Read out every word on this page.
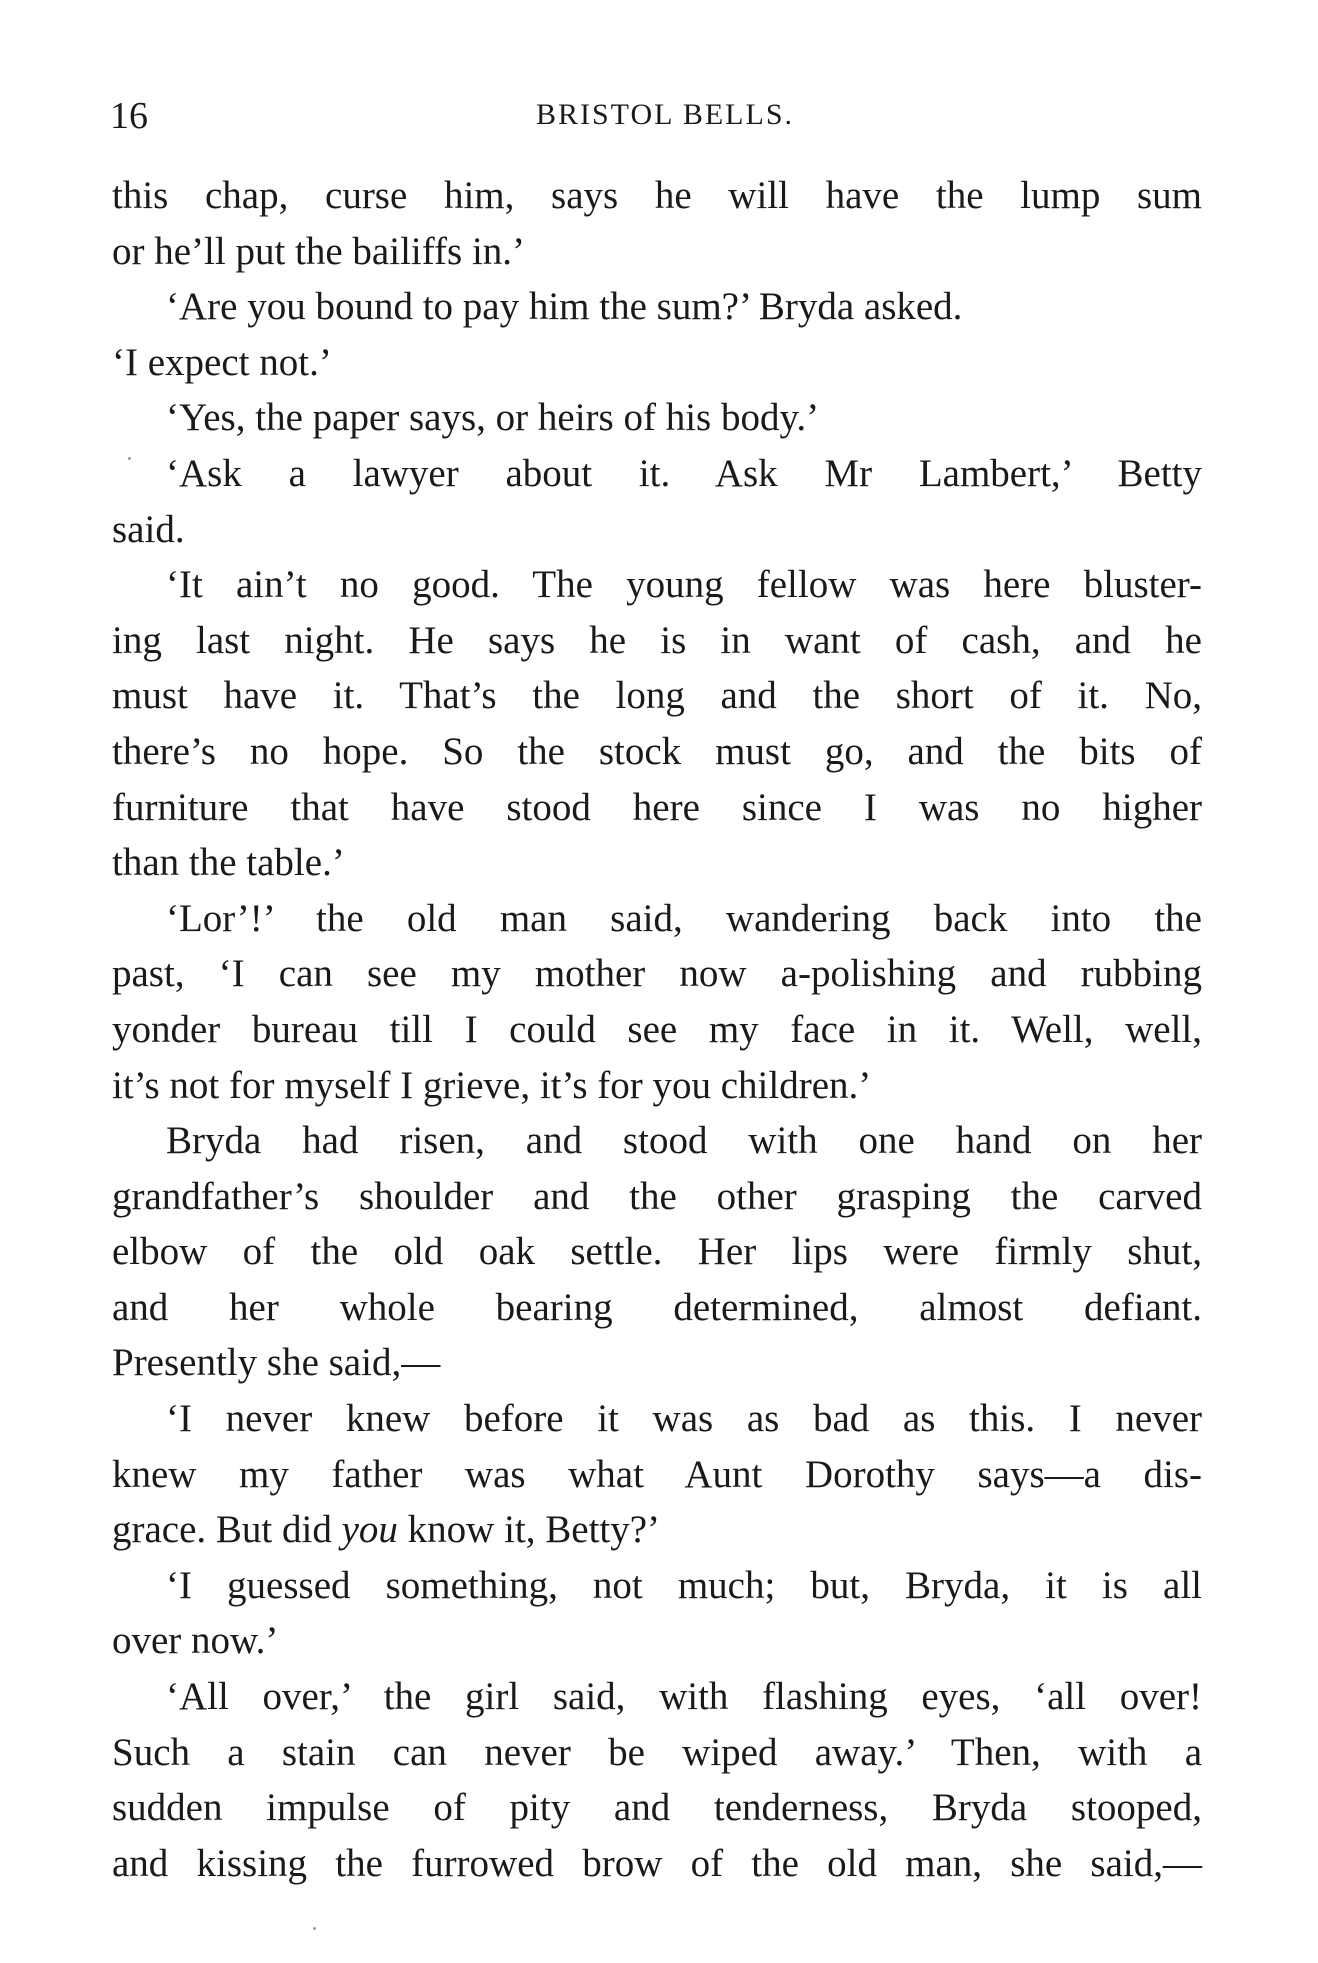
16	BRISTOL BELLS.
this chap, curse him, says he will have the lump sum
or he’ll put the bailiffs in.’
‘Are you bound to pay him the sum?’ Bryda asked.
‘I expect not.’
‘Yes, the paper says, or heirs of his body.’
‘Ask a lawyer about it. Ask Mr Lambert,’ Betty
said.
‘It ain’t no good. The young fellow was here bluster-
ing last night. He says he is in want of cash, and he
must have it. That’s the long and the short of it. No,
there’s no hope. So the stock must go, and the bits of
furniture that have stood here since I was no higher
than the table.’
‘Lor’!’ the old man said, wandering back into the
past, ‘I can see my mother now a-polishing and rubbing
yonder bureau till I could see my face in it. Well, well,
it’s not for myself I grieve, it’s for you children.’
Bryda had risen, and stood with one hand on her
grandfather’s shoulder and the other grasping the carved
elbow of the old oak settle. Her lips were firmly shut,
and her whole bearing determined, almost defiant.
Presently she said,—
‘I never knew before it was as bad as this. I never
knew my father was what Aunt Dorothy says—a dis-
grace. But did you know it, Betty?’
‘I guessed something, not much; but, Bryda, it is all
over now.’
‘All over,’ the girl said, with flashing eyes, ‘all over!
Such a stain can never be wiped away.’ Then, with a
sudden impulse of pity and tenderness, Bryda stooped,
and kissing the furrowed brow of the old man, she said,—
